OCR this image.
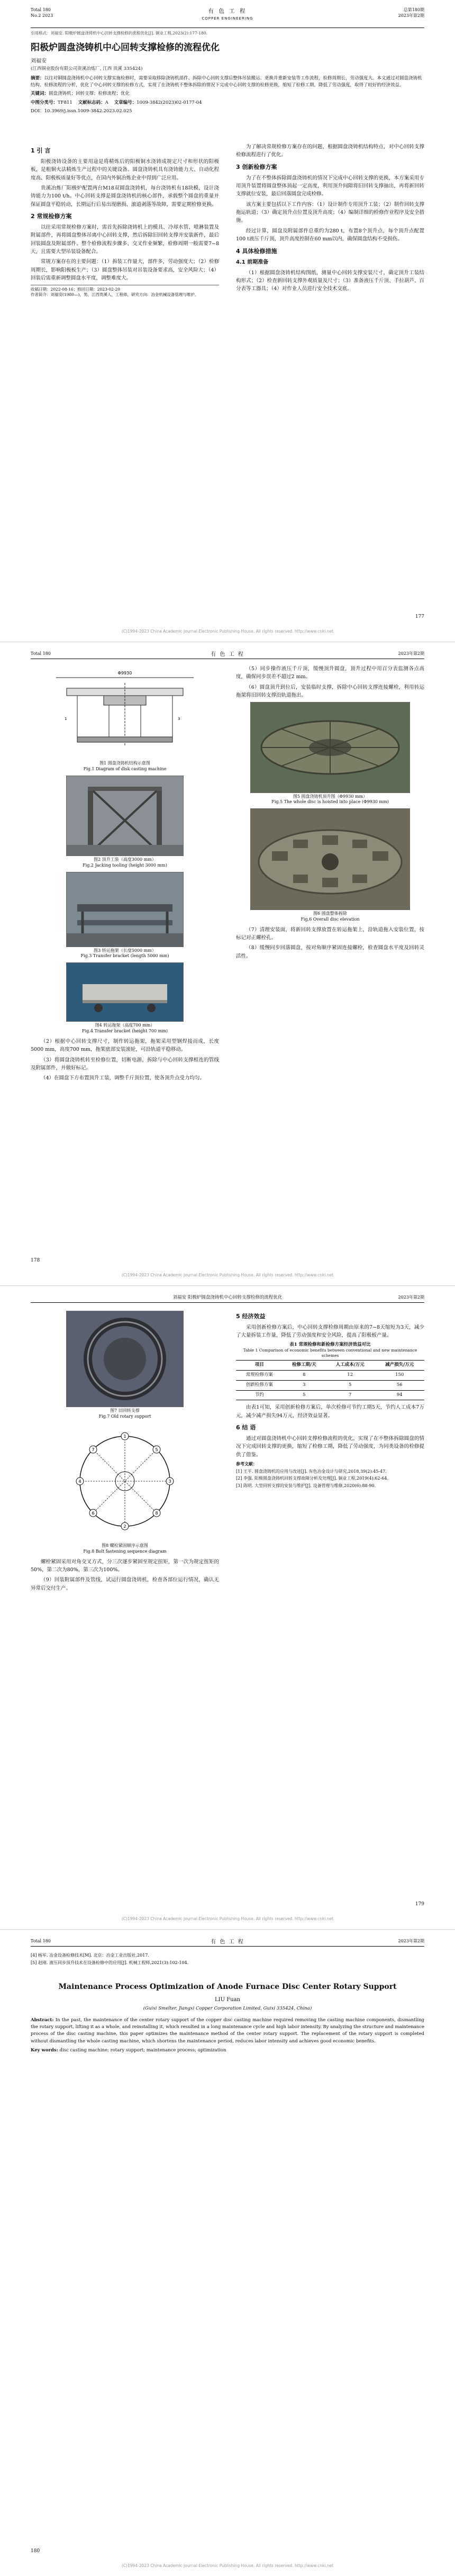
Total 180
No.2 2023
有 色 工 程
COPPER ENGINEERING
总第180期
2023年第2期
引用格式：刘福安. 阳极炉圆盘浇铸机中心回转支撑检修的流程优化[J]. 铜业工程,2023(2):177-180.
阳极炉圆盘浇铸机中心回转支撑检修的流程优化
刘福安
(江西铜业股份有限公司贵溪冶炼厂, 江西 贵溪 335424)

摘要：以往对铜圆盘浇铸机中心回转支撑实施检修时，需要采取移除浇铸机部件、拆除中心回转支撑后整体吊装搬运、更换并重新安装等工作流程，检修周期长，劳动强度大。本文通过对圆盘浇铸机结构、检修流程的分析，优化了中心回转支撑的检修方式，实现了在浇铸机不整体拆除的情况下完成中心回转支撑的检修更换，缩短了检修工期，降低了劳动强度，取得了较好的经济效益。

关键词：圆盘浇铸机；回转支撑；检修流程；优化

中图分类号：TF811 文献标志码：A 文章编号：1009-3842(2023)02-0177-04

DOI：10.3969/j.issn.1009-3842.2023.02.025

1 引 言

阳极浇铸设备的主要用途是将精炼后的阳极铜水浇铸成规定尺寸和形状的阳极板，是粗铜火法精炼生产过程中的关键设备。圆盘浇铸机具有浇铸能力大、自动化程度高、阳极板质量好等优点，在国内外铜冶炼企业中得到广泛应用。

贵溪冶炼厂阳极炉配置两台M18双圆盘浇铸机，每台浇铸机有18块模，设计浇铸能力为100 t/h。中心回转支撑是圆盘浇铸机的核心部件，承载整个圆盘的重量并保证圆盘平稳转动，长期运行后易出现磨损、滚道剥落等故障，需要定期检修更换。

2 常规检修方案

以往采用常规检修方案时，需首先拆除浇铸机上的模具、冷却水管、喷淋装置及附属部件，再将圆盘整体吊离中心回转支撑，然后拆除旧回转支撑并安装新件，最后回装圆盘及附属部件。整个检修流程步骤多、交叉作业频繁，检修周期一般需要7~8天，且需要大型吊装设备配合。

常规方案存在的主要问题：（1）拆装工作量大，部件多，劳动强度大；（2）检修周期长，影响阳极板生产；（3）圆盘整体吊装对吊装设备要求高，安全风险大；（4）回装后需重新调整圆盘水平度，调整难度大。

收稿日期：2022-08-16；修回日期：2023-02-20
作者简介：刘福安(1980—)，男，江西贵溪人，工程师，研究方向：冶金机械设备管理与维护。

为了解决常规检修方案存在的问题，根据圆盘浇铸机结构特点，对中心回转支撑检修流程进行了优化。

3 创新检修方案

为了在不整体拆除圆盘浇铸机的情况下完成中心回转支撑的更换，本方案采用专用顶升装置将圆盘整体顶起一定高度，利用顶升间隙将旧回转支撑抽出，再将新回转支撑就位安装，最后回落圆盘完成检修。

该方案主要包括以下工作内容：（1）设计制作专用顶升工装；（2）制作回转支撑拖运轨道；（3）确定顶升点位置及顶升高度；（4）编制详细的检修作业程序及安全措施。

经过计算，圆盘及附属部件总重约为280 t，布置8个顶升点，每个顶升点配置100 t液压千斤顶，顶升高度控制在60 mm以内，确保圆盘结构不受损伤。

4 具体检修措施
4.1 前期准备

（1）根据圆盘浇铸机结构图纸，测量中心回转支撑安装尺寸，确定顶升工装结构形式；（2）检查新回转支撑外观质量及尺寸；（3）准备液压千斤顶、手拉葫芦、百分表等工器具；（4）对作业人员进行安全技术交底。

177
(C)1994-2023 China Academic Journal Electronic Publishing House. All rights reserved. http://www.cnki.net
Total 180	有 色 工 程	2023年第2期
Φ9930
3
1
图1 圆盘浇铸机结构示意图
Fig.1 Diagram of disk casting machine
图2 顶升工装（高度3000 mm）
Fig.2 Jacking tooling (height 3000 mm)
图3 转运拖架（长度5000 mm）
Fig.3 Transfer bracket (length 5000 mm)
图4 转运拖架（高度700 mm）
Fig.4 Transfer bracket (height 700 mm)

（2）根据中心回转支撑尺寸，制作转运拖架，拖架采用型钢焊接而成，长度5000 mm，高度700 mm，拖架底部安装滚轮，可沿轨道平稳移动。

（3）将圆盘浇铸机转至检修位置，切断电源，拆除与中心回转支撑相连的管线及附属部件，并做好标记。

（4）在圆盘下方布置顶升工装，调整千斤顶位置，使各顶升点受力均匀。

（5）同步操作液压千斤顶，缓慢顶升圆盘，顶升过程中用百分表监测各点高度，确保同步误差不超过2 mm。

（6）圆盘顶升到位后，安装临时支撑，拆除中心回转支撑连接螺栓，利用转运拖架将旧回转支撑沿轨道拖出。

图5 圆盘浇铸机顶升图（Φ9930 mm）
Fig.5 The whole disc is hoisted into place (Φ9930 mm)
图6 圆盘整体拆除
Fig.6 Overall disc elevation

（7）清理安装面，将新回转支撑放置在转运拖架上，沿轨道拖入安装位置，按标记对正螺栓孔。

（8）缓慢同步回落圆盘，按对角顺序紧固连接螺栓，检查圆盘水平度及回转灵活性。

178
(C)1994-2023 China Academic Journal Electronic Publishing House. All rights reserved. http://www.cnki.net
刘福安 阳极炉圆盘浇铸机中心回转支撑检修的流程优化	2023年第2期
图7 旧回转支撑
Fig.7 Old rotary support
1
2
3
4
5
6
7
8
图8 螺栓紧固顺序示意图
Fig.8 Bolt fastening sequence diagram

螺栓紧固采用对角交叉方式，分三次逐步紧固至规定扭矩，第一次为规定扭矩的50%，第二次为80%，第三次为100%。

（9）回装附属部件及管线，试运行圆盘浇铸机，检查各部位运行情况，确认无异常后交付生产。

5 经济效益

采用创新检修方案后，中心回转支撑检修周期由原来的7~8天缩短为3天，减少了大量拆装工作量，降低了劳动强度和安全风险，提高了阳极板产量。

表1 常规检修和新检修方案经济效益对比
Table 1 Comparison of economic benefits between conventional and new maintenance schemes
项目	检修工期/天	人工成本/万元	减产损失/万元
常规检修方案	8	12	150
创新检修方案	3	5	56
节约	5	7	94

由表1可知，采用创新检修方案后，单次检修可节约工期5天，节约人工成本7万元，减少减产损失94万元，经济效益显著。

6 结 语

通过对圆盘浇铸机中心回转支撑检修流程的优化，实现了在不整体拆除圆盘的情况下完成回转支撑的更换，缩短了检修工期，降低了劳动强度，为同类设备的检修提供了借鉴。

参考文献：
[1] 王平. 圆盘浇铸机的应用与改进[J]. 有色冶金设计与研究,2018,39(2):45-47.
[2] 李强. 阳极圆盘浇铸机回转支撑故障分析及处理[J]. 铜业工程,2019(4):62-64.
[3] 陈明. 大型回转支撑的安装与维护[J]. 设备管理与维修,2020(6):88-90.
179
(C)1994-2023 China Academic Journal Electronic Publishing House. All rights reserved. http://www.cnki.net
Total 180	有 色 工 程	2023年第2期
[4] 杨军. 冶金设备检修技术[M]. 北京：冶金工业出版社,2017.
[5] 赵刚. 液压同步顶升技术在设备检修中的应用[J]. 机械工程师,2021(3):102-104.
Maintenance Process Optimization of Anode Furnace Disc Center Rotary Support
LIU Fuan
(Guixi Smelter, Jiangxi Copper Corporation Limited, Guixi 335424, China)

Abstract: In the past, the maintenance of the center rotary support of the copper disc casting machine required removing the casting machine components, dismantling the rotary support, lifting it as a whole, and reinstalling it, which resulted in a long maintenance cycle and high labor intensity. By analyzing the structure and maintenance process of the disc casting machine, this paper optimizes the maintenance method of the center rotary support. The replacement of the rotary support is completed without dismantling the whole casting machine, which shortens the maintenance period, reduces labor intensity and achieves good economic benefits.

Key words: disc casting machine; rotary support; maintenance process; optimization

180
(C)1994-2023 China Academic Journal Electronic Publishing House. All rights reserved. http://www.cnki.net
